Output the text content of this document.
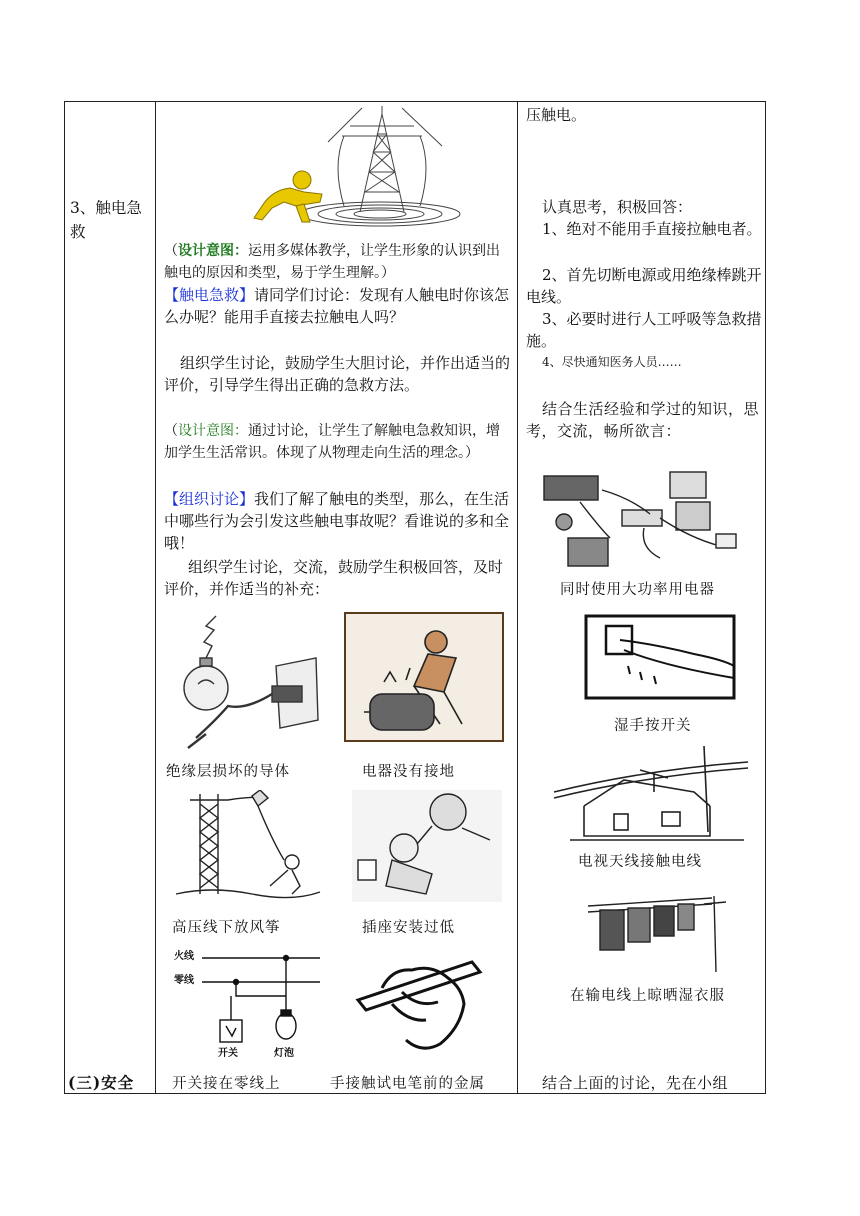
3、触电急救
(三)安全
（设计意图：运用多媒体教学，让学生形象的认识到出触电的原因和类型，易于学生理解。）
【触电急救】请同学们讨论：发现有人触电时你该怎么办呢？能用手直接去拉触电人吗？
组织学生讨论，鼓励学生大胆讨论，并作出适当的评价，引导学生得出正确的急救方法。
（设计意图：通过讨论，让学生了解触电急救知识，增加学生生活常识。体现了从物理走向生活的理念。）
【组织讨论】我们了解了触电的类型，那么，在生活中哪些行为会引发这些触电事故呢？看谁说的多和全哦！
组织学生讨论，交流，鼓励学生积极回答，及时评价，并作适当的补充：
绝缘层损坏的导体	电器没有接地
高压线下放风筝	插座安装过低
火线
零线
开关	灯泡
开关接在零线上	手接触试电笔前的金属
压触电。
认真思考，积极回答：
1、绝对不能用手直接拉触电者。
2、首先切断电源或用绝缘棒跳开电线。
3、必要时进行人工呼吸等急救措施。
4、尽快通知医务人员……
结合生活经验和学过的知识，思考，交流，畅所欲言：
同时使用大功率用电器
湿手按开关
电视天线接触电线
在输电线上晾晒湿衣服
结合上面的讨论，先在小组
